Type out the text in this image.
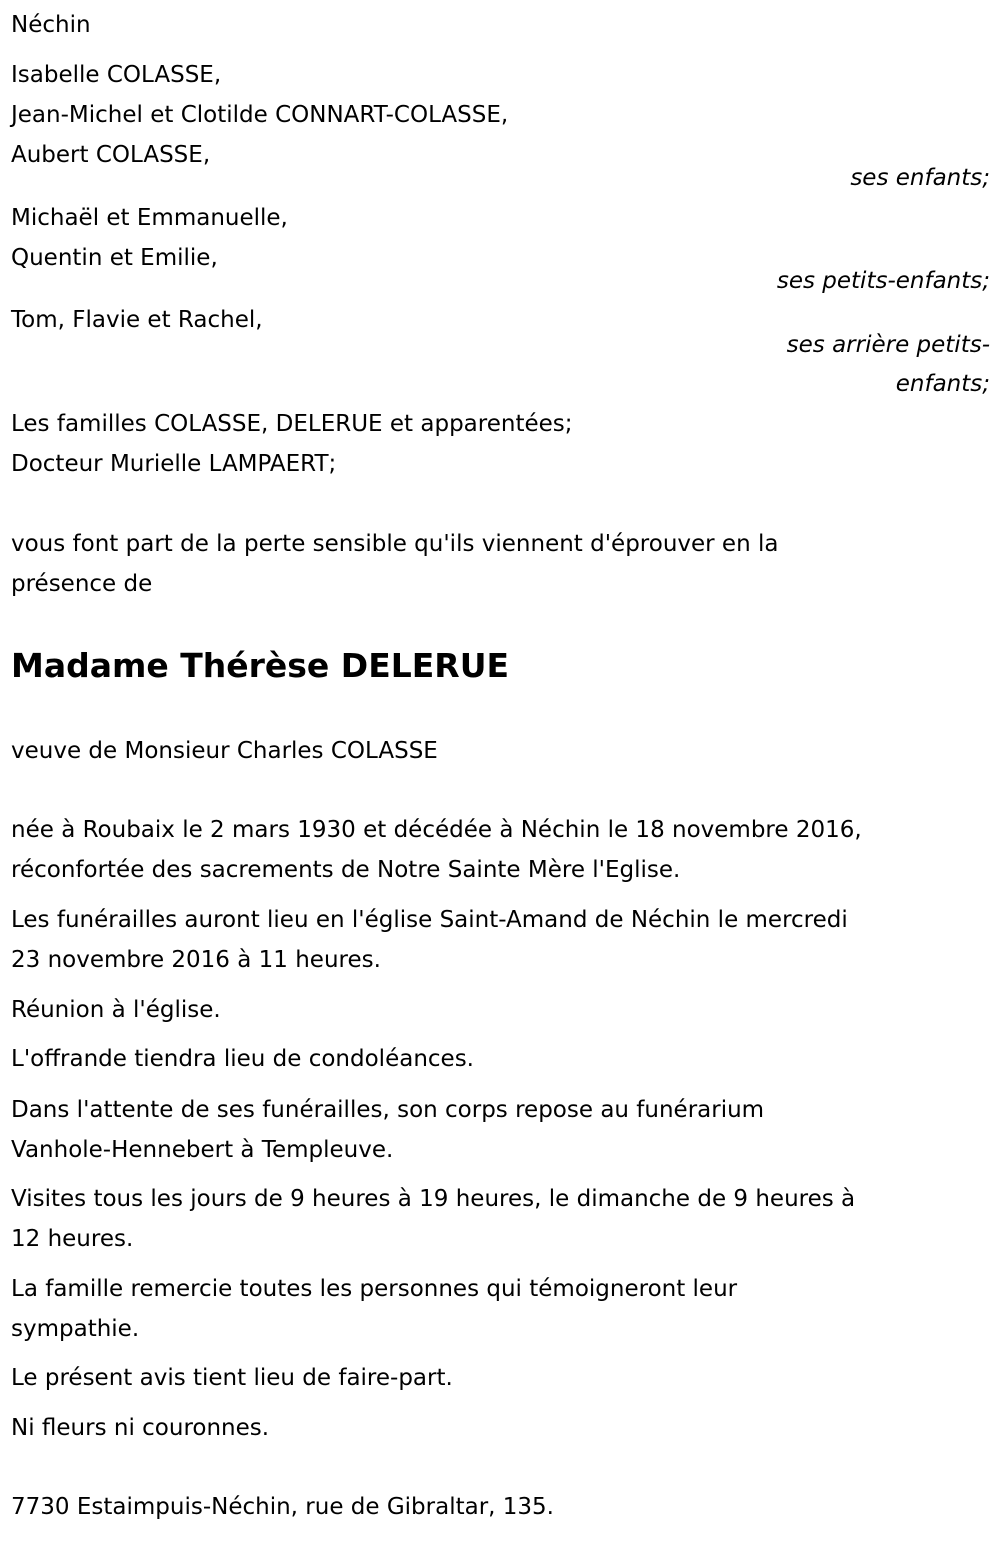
Néchin
Isabelle COLASSE,
Jean-Michel et Clotilde CONNART-COLASSE,
Aubert COLASSE,
ses enfants;
Michaël et Emmanuelle,
Quentin et Emilie,
ses petits-enfants;
Tom, Flavie et Rachel,
ses arrière petits-
enfants;
Les familles COLASSE, DELERUE et apparentées;
Docteur Murielle LAMPAERT;
vous font part de la perte sensible qu'ils viennent d'éprouver en la
présence de
Madame Thérèse DELERUE
veuve de Monsieur Charles COLASSE
née à Roubaix le 2 mars 1930 et décédée à Néchin le 18 novembre 2016,
réconfortée des sacrements de Notre Sainte Mère l'Eglise.
Les funérailles auront lieu en l'église Saint-Amand de Néchin le mercredi
23 novembre 2016 à 11 heures.
Réunion à l'église.
L'offrande tiendra lieu de condoléances.
Dans l'attente de ses funérailles, son corps repose au funérarium
Vanhole-Hennebert à Templeuve.
Visites tous les jours de 9 heures à 19 heures, le dimanche de 9 heures à
12 heures.
La famille remercie toutes les personnes qui témoigneront leur
sympathie.
Le présent avis tient lieu de faire-part.
Ni fleurs ni couronnes.
7730 Estaimpuis-Néchin, rue de Gibraltar, 135.
